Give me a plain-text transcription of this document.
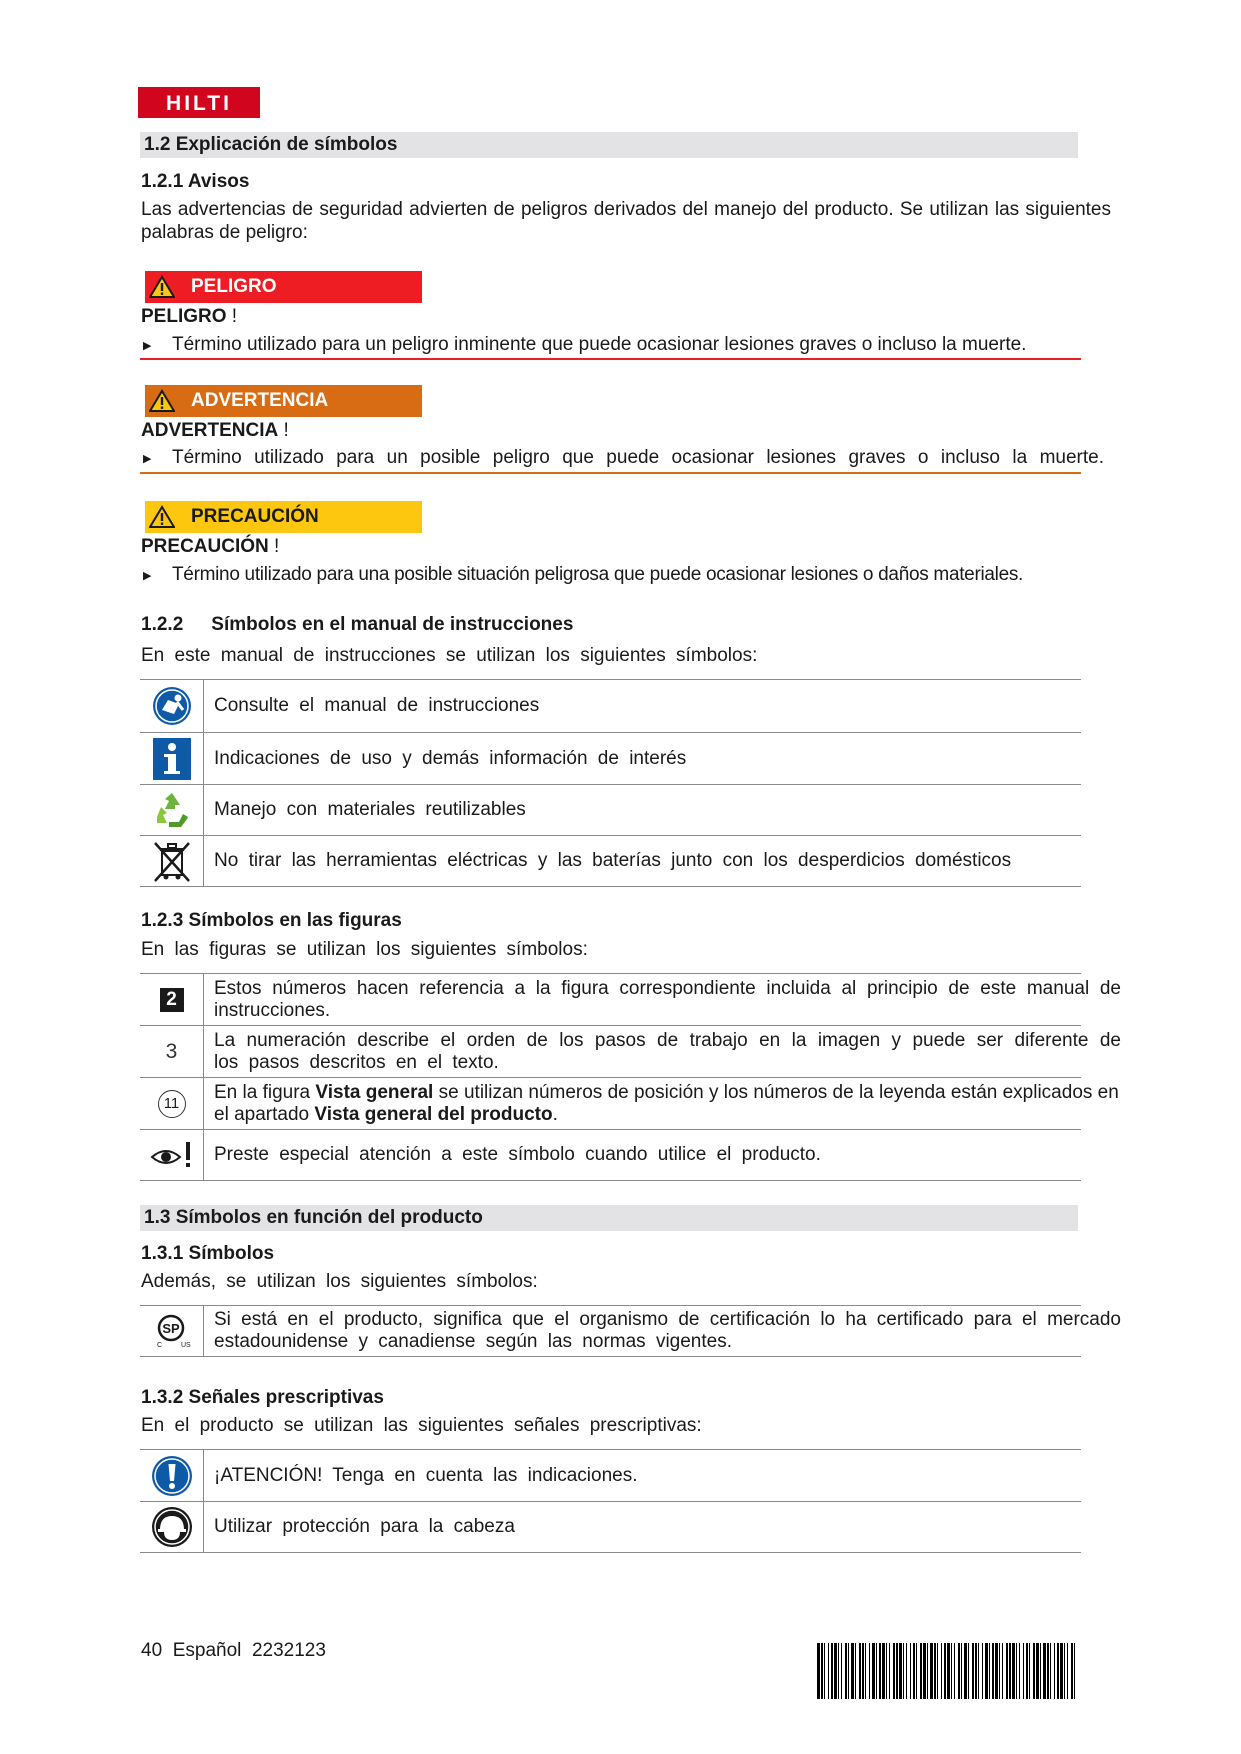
HILTI
1.2 Explicación de símbolos
1.2.1 Avisos
Las advertencias de seguridad advierten de peligros derivados del manejo del producto. Se utilizan las siguientes palabras de peligro:
PELIGRO
PELIGRO !
▶ Término utilizado para un peligro inminente que puede ocasionar lesiones graves o incluso la muerte.
ADVERTENCIA
ADVERTENCIA !
▶ Término utilizado para un posible peligro que puede ocasionar lesiones graves o incluso la muerte.
PRECAUCIÓN
PRECAUCIÓN !
▶ Término utilizado para una posible situación peligrosa que puede ocasionar lesiones o daños materiales.
1.2.2 Símbolos en el manual de instrucciones
En este manual de instrucciones se utilizan los siguientes símbolos:
Consulte el manual de instrucciones
Indicaciones de uso y demás información de interés
Manejo con materiales reutilizables
No tirar las herramientas eléctricas y las baterías junto con los desperdicios domésticos
1.2.3 Símbolos en las figuras
En las figuras se utilizan los siguientes símbolos:
2
Estos números hacen referencia a la figura correspondiente incluida al principio de este manual de instrucciones.
3 La numeración describe el orden de los pasos de trabajo en la imagen y puede ser diferente de los pasos descritos en el texto.
11
En la figura Vista general se utilizan números de posición y los números de la leyenda están explicados en el apartado Vista general del producto.
Preste especial atención a este símbolo cuando utilice el producto.
1.3 Símbolos en función del producto
1.3.1 Símbolos
Además, se utilizan los siguientes símbolos:
SP
C	US
Si está en el producto, significa que el organismo de certificación lo ha certificado para el mercado estadounidense y canadiense según las normas vigentes.
1.3.2 Señales prescriptivas
En el producto se utilizan las siguientes señales prescriptivas:
¡ATENCIÓN! Tenga en cuenta las indicaciones.
Utilizar protección para la cabeza
40 Español 2232123
